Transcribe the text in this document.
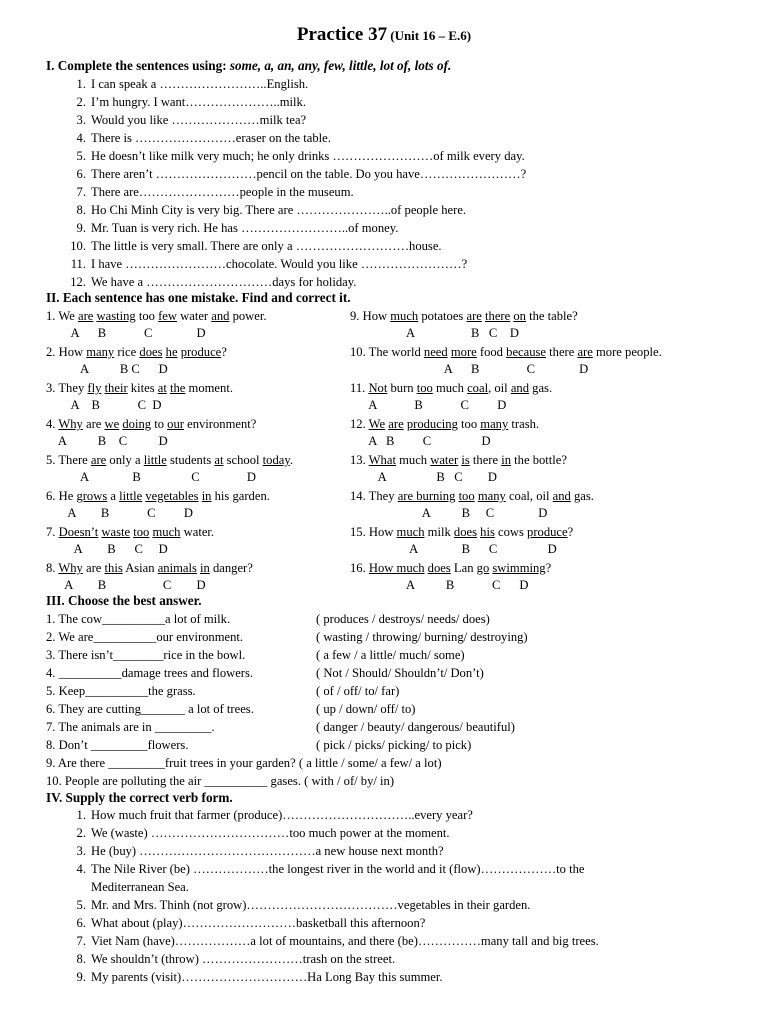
Practice 37 (Unit 16 – E.6)
I. Complete the sentences using: some, a, an, any, few, little, lot of, lots of.
1. I can speak a ……………………..English.
2. I’m hungry. I want…………………..milk.
3. Would you like …………………milk tea?
4. There is ……………………eraser on the table.
5. He doesn’t like milk very much; he only drinks ……………………of milk every day.
6. There aren’t ……………………pencil on the table. Do you have……………………?
7. There are……………………people in the museum.
8. Ho Chi Minh City is very big. There are …………………..of people here.
9. Mr. Tuan is very rich. He has ……………………..of money.
10. The little is very small. There are only a ………………………house.
11. I have ……………………chocolate. Would you like ……………………?
12. We have a …………………………days for holiday.
II. Each sentence has one mistake. Find and correct it.
1. We are wasting too few water and power.
A      B            C              D
2. How many rice does he produce?
A          B C      D
3. They fly their kites at the moment.
A    B            C  D
4. Why are we doing to our environment?
A          B    C          D
5. There are only a little students at school today.
A              B                C               D
6. He grows a little vegetables in his garden.
A        B            C         D
7. Doesn’t waste too much water.
A        B      C     D
8. Why are this Asian animals in danger?
A        B                  C        D
9. How much potatoes are there on the table?
A                  B   C    D
10. The world need more food because there are more people.
A      B               C              D
11. Not burn too much coal, oil and gas.
A            B            C         D
12. We are producing too many trash.
A   B         C                D
13. What much water is there in the bottle?
A                B   C        D
14. They are burning too many coal, oil and gas.
A          B     C              D
15. How much milk does his cows produce?
A              B      C                D
16. How much does Lan go swimming?
A          B            C      D
III. Choose the best answer.
1. The cow__________a lot of milk.	( produces / destroys/ needs/ does)
2. We are__________our environment.	( wasting / throwing/ burning/ destroying)
3. There isn’t________rice in the bowl.	( a few / a little/ much/ some)
4. __________damage trees and flowers.	( Not / Should/ Shouldn’t/ Don’t)
5. Keep__________the grass.	( of / off/ to/ far)
6. They are cutting_______ a lot of trees.	( up / down/ off/ to)
7. The animals are in _________.	( danger / beauty/ dangerous/ beautiful)
8. Don’t _________flowers.	( pick / picks/ picking/ to pick)
9. Are there _________fruit trees in your garden? ( a little / some/ a few/ a lot)
10. People are polluting the air __________ gases. ( with / of/ by/ in)
IV. Supply the correct verb form.
1. How much fruit that farmer (produce)…………………………..every year?
2. We (waste) ……………………………too much power at the moment.
3. He (buy) ……………………………………a new house next month?
4. The Nile River (be) ………………the longest river in the world and it (flow)………………to the
Mediterranean Sea.
5. Mr. and Mrs. Thinh (not grow)………………………………vegetables in their garden.
6. What about (play)………………………basketball this afternoon?
7. Viet Nam (have)………………a lot of mountains, and there (be)……………many tall and big trees.
8. We shouldn’t (throw) ……………………trash on the street.
9. My parents (visit)…………………………Ha Long Bay this summer.
